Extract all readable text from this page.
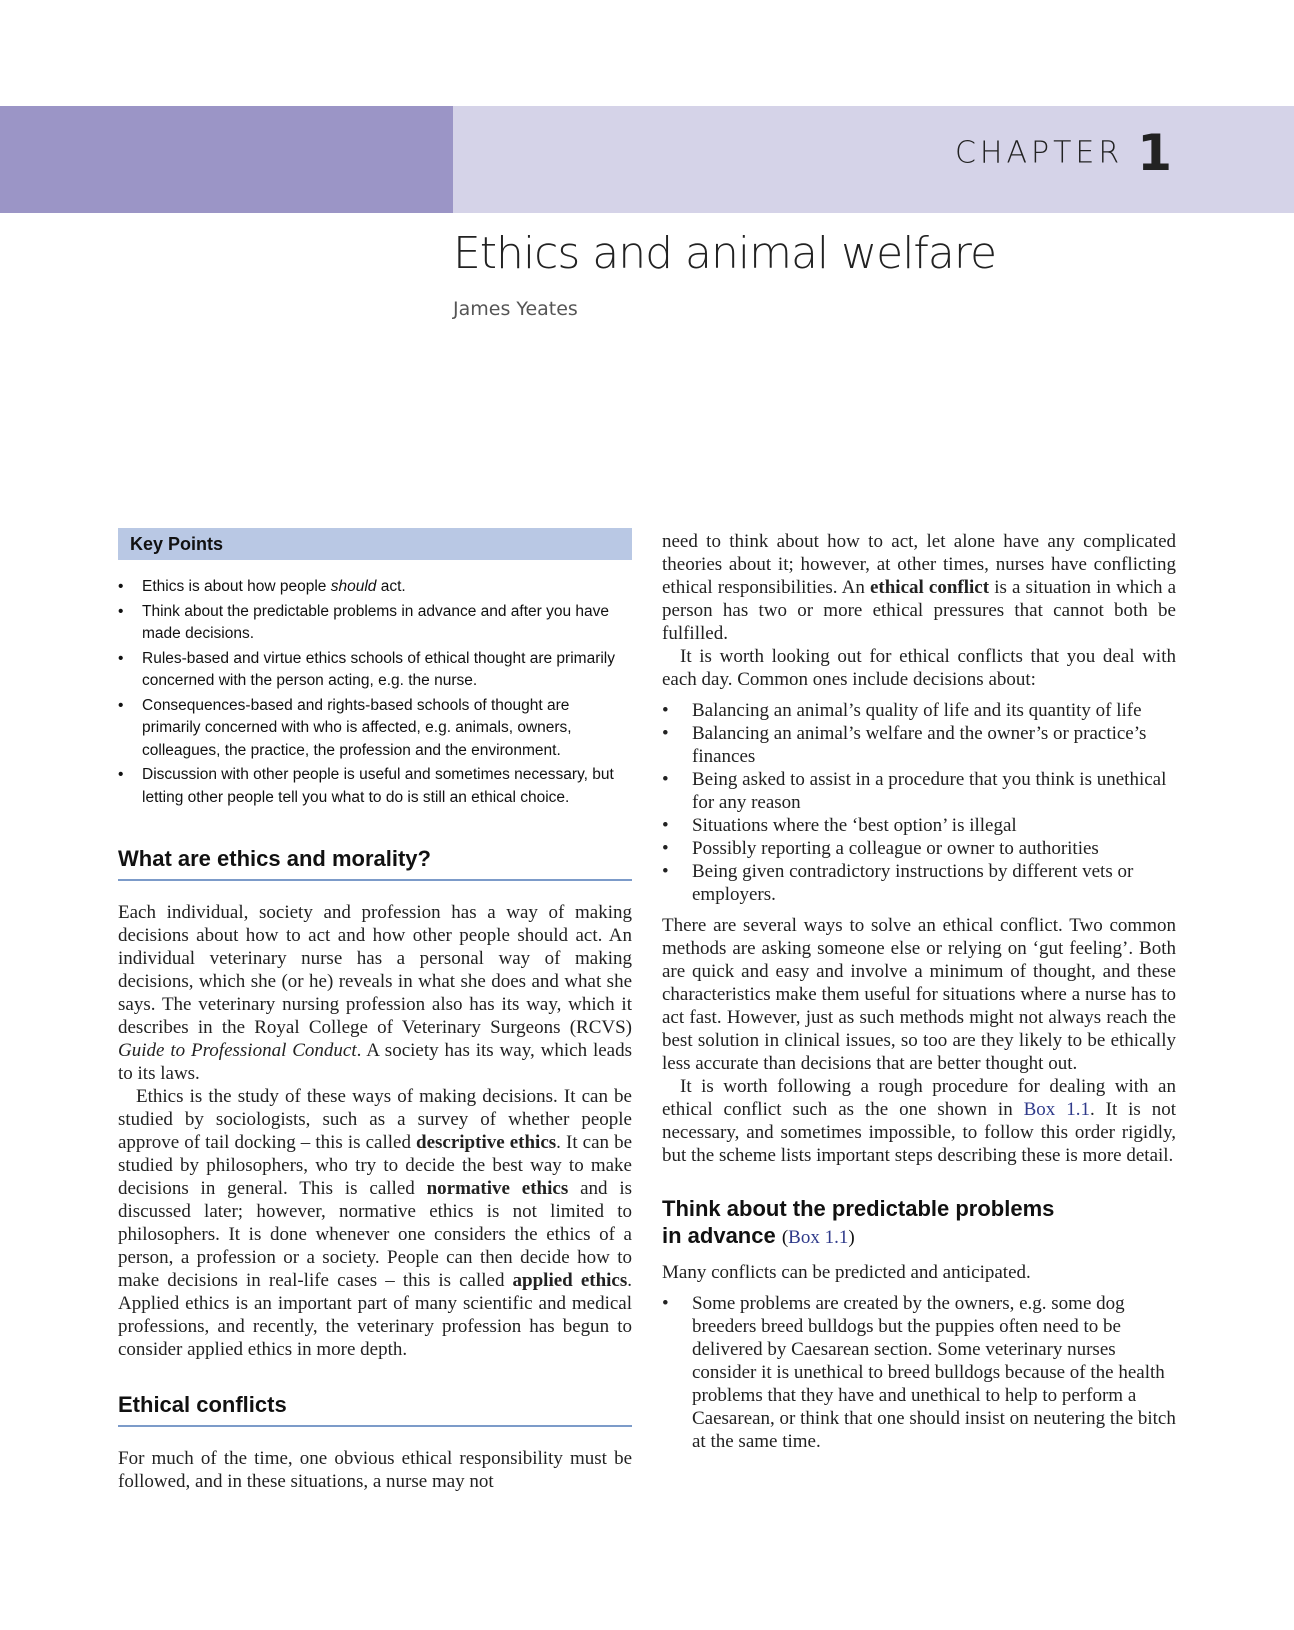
CHAPTER 1
Ethics and animal welfare
James Yeates
Key Points
• Ethics is about how people should act.
• Think about the predictable problems in advance and after you have made decisions.
• Rules-based and virtue ethics schools of ethical thought are primarily concerned with the person acting, e.g. the nurse.
• Consequences-based and rights-based schools of thought are primarily concerned with who is affected, e.g. animals, owners, colleagues, the practice, the profession and the environment.
• Discussion with other people is useful and sometimes necessary, but letting other people tell you what to do is still an ethical choice.
What are ethics and morality?

Each individual, society and profession has a way of making decisions about how to act and how other people should act. An individual veterinary nurse has a personal way of making decisions, which she (or he) reveals in what she does and what she says. The veterinary nursing profession also has its way, which it describes in the Royal College of Veterinary Surgeons (RCVS) Guide to Professional Conduct. A society has its way, which leads to its laws.

Ethics is the study of these ways of making decisions. It can be studied by sociologists, such as a survey of whether people approve of tail docking – this is called descriptive ethics. It can be studied by philosophers, who try to decide the best way to make decisions in general. This is called normative ethics and is discussed later; however, normative ethics is not limited to philosophers. It is done whenever one considers the ethics of a person, a profession or a society. People can then decide how to make decisions in real-life cases – this is called applied ethics. Applied ethics is an important part of many scientific and medical professions, and recently, the veterinary profession has begun to consider applied ethics in more depth.

Ethical conflicts

For much of the time, one obvious ethical responsibility must be followed, and in these situations, a nurse may not

need to think about how to act, let alone have any complicated theories about it; however, at other times, nurses have conflicting ethical responsibilities. An ethical conflict is a situation in which a person has two or more ethical pressures that cannot both be fulfilled.

It is worth looking out for ethical conflicts that you deal with each day. Common ones include decisions about:

• Balancing an animal’s quality of life and its quantity of life
• Balancing an animal’s welfare and the owner’s or practice’s finances
• Being asked to assist in a procedure that you think is unethical for any reason
• Situations where the ‘best option’ is illegal
• Possibly reporting a colleague or owner to authorities
• Being given contradictory instructions by different vets or employers.

There are several ways to solve an ethical conflict. Two common methods are asking someone else or relying on ‘gut feeling’. Both are quick and easy and involve a minimum of thought, and these characteristics make them useful for situations where a nurse has to act fast. However, just as such methods might not always reach the best solution in clinical issues, so too are they likely to be ethically less accurate than decisions that are better thought out.

It is worth following a rough procedure for dealing with an ethical conflict such as the one shown in Box 1.1. It is not necessary, and sometimes impossible, to follow this order rigidly, but the scheme lists important steps describing these is more detail.

Think about the predictable problems
in advance (Box 1.1)

Many conflicts can be predicted and anticipated.

• Some problems are created by the owners, e.g. some dog breeders breed bulldogs but the puppies often need to be delivered by Caesarean section. Some veterinary nurses consider it is unethical to breed bulldogs because of the health problems that they have and unethical to help to perform a Caesarean, or think that one should insist on neutering the bitch at the same time.
